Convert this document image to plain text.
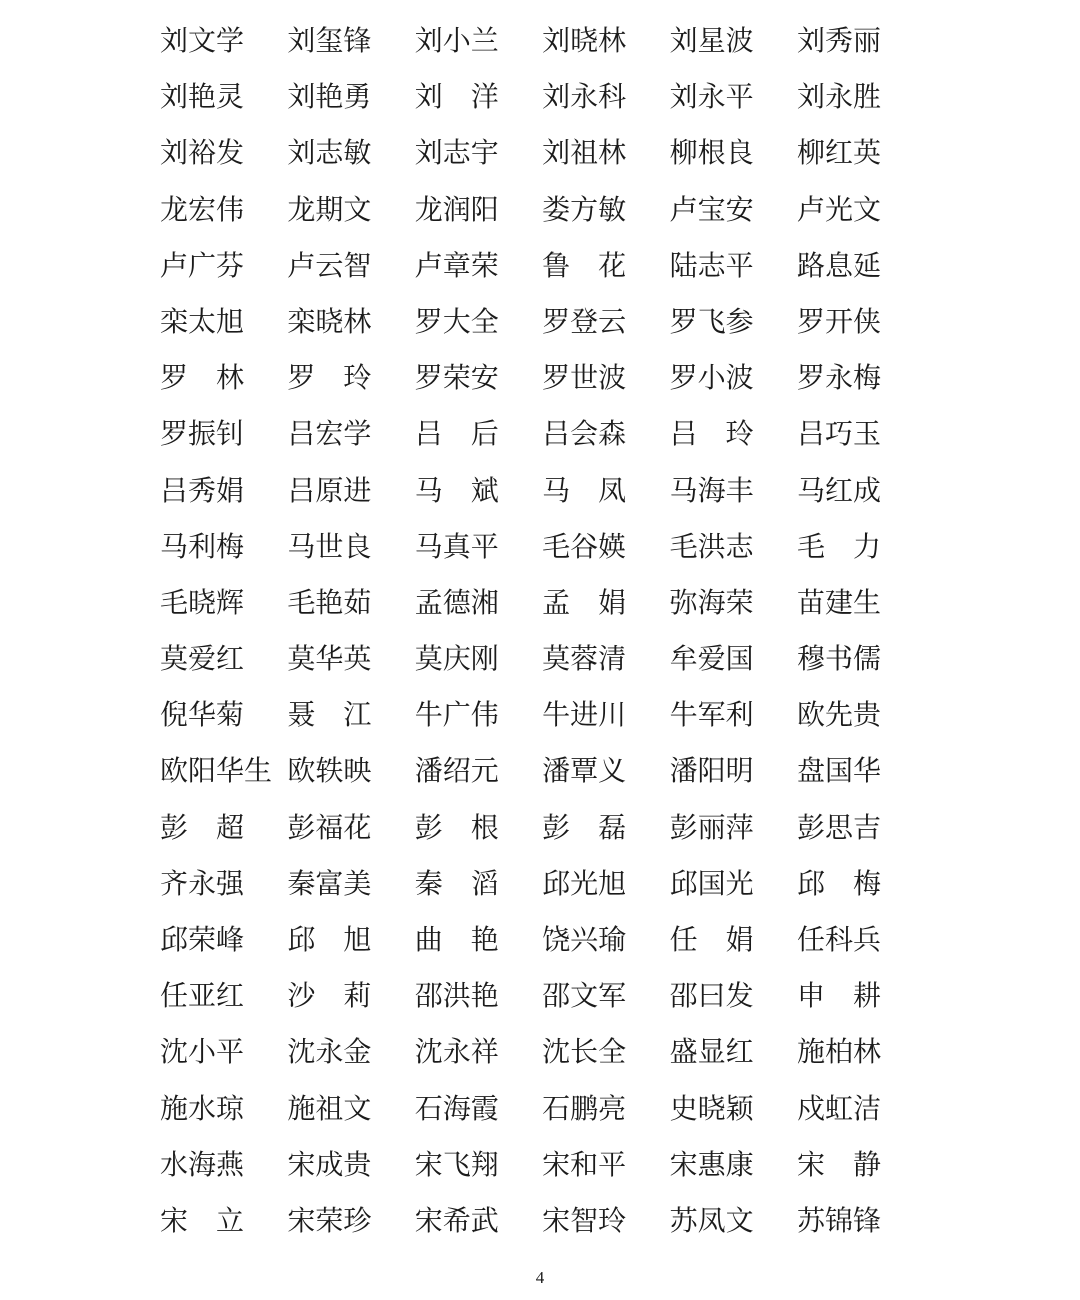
刘文学	刘玺锋	刘小兰	刘晓林	刘星波	刘秀丽
刘艳灵	刘艳勇	刘　洋	刘永科	刘永平	刘永胜
刘裕发	刘志敏	刘志宇	刘祖林	柳根良	柳红英
龙宏伟	龙期文	龙润阳	娄方敏	卢宝安	卢光文
卢广芬	卢云智	卢章荣	鲁　花	陆志平	路息延
栾太旭	栾晓林	罗大全	罗登云	罗飞参	罗开侠
罗　林	罗　玲	罗荣安	罗世波	罗小波	罗永梅
罗振钊	吕宏学	吕　后	吕会森	吕　玲	吕巧玉
吕秀娟	吕原进	马　斌	马　凤	马海丰	马红成
马利梅	马世良	马真平	毛谷媖	毛洪志	毛　力
毛晓辉	毛艳茹	孟德湘	孟　娟	弥海荣	苗建生
莫爱红	莫华英	莫庆刚	莫蓉清	牟爱国	穆书儒
倪华菊	聂　江	牛广伟	牛进川	牛军利	欧先贵
欧阳华生 欧轶映	潘绍元	潘覃义	潘阳明	盘国华
彭　超	彭福花	彭　根	彭　磊	彭丽萍	彭思吉
齐永强	秦富美	秦　滔	邱光旭	邱国光	邱　梅
邱荣峰	邱　旭	曲　艳	饶兴瑜	任　娟	任科兵
任亚红	沙　莉	邵洪艳	邵文军	邵曰发	申　耕
沈小平	沈永金	沈永祥	沈长全	盛显红	施柏林
施水琼	施祖文	石海霞	石鹏亮	史晓颖	戍虹洁
水海燕	宋成贵	宋飞翔	宋和平	宋惠康	宋　静
宋　立	宋荣珍	宋希武	宋智玲	苏凤文	苏锦锋
4
